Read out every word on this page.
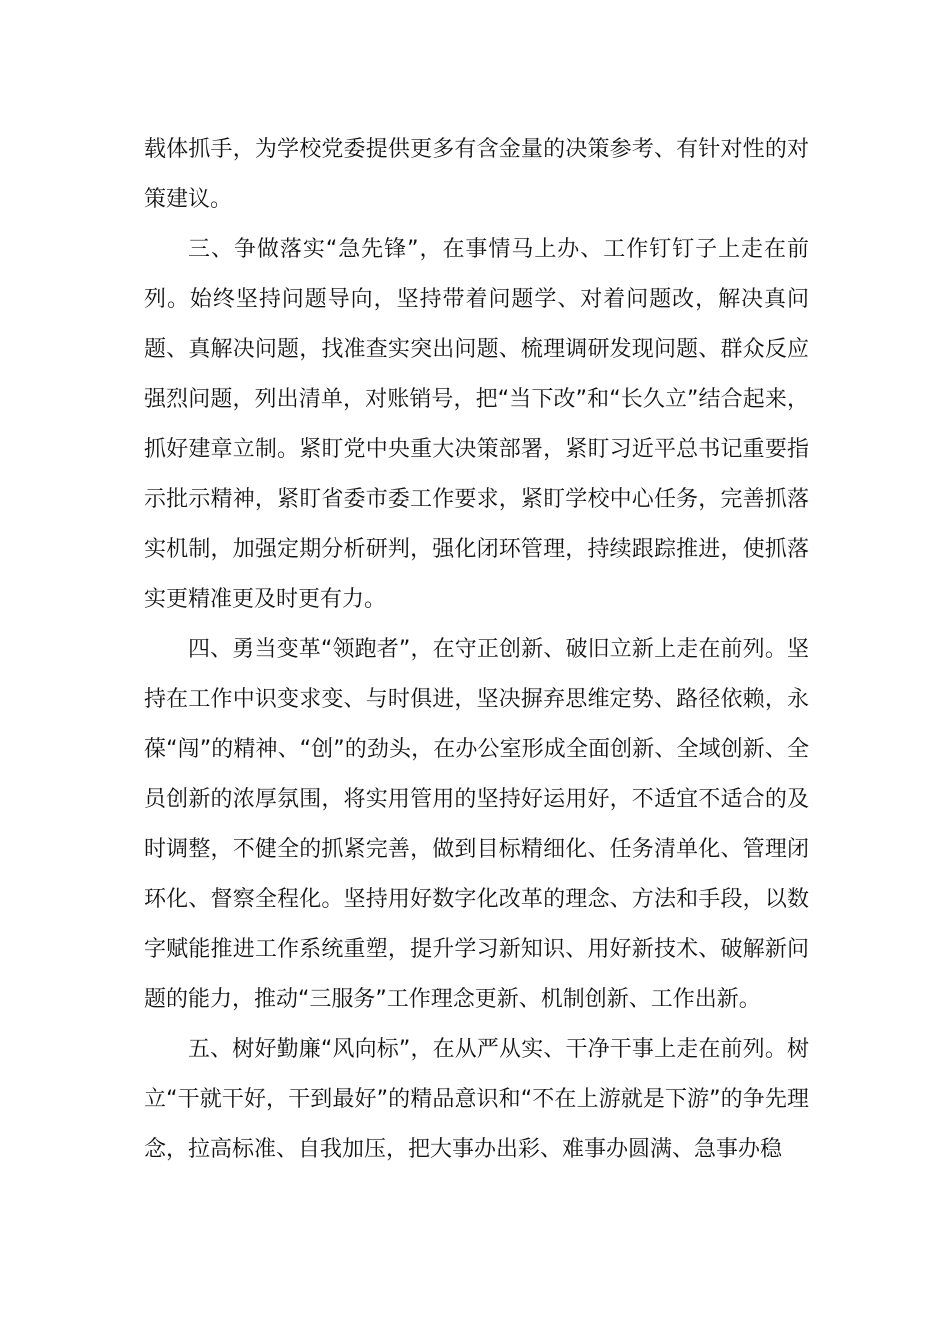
载体抓手，为学校党委提供更多有含金量的决策参考、有针对性的对策建议。

三、争做落实“急先锋”，在事情马上办、工作钉钉子上走在前列。始终坚持问题导向，坚持带着问题学、对着问题改，解决真问题、真解决问题，找准查实突出问题、梳理调研发现问题、群众反应强烈问题，列出清单，对账销号，把“当下改”和“长久立”结合起来，抓好建章立制。紧盯党中央重大决策部署，紧盯习近平总书记重要指示批示精神，紧盯省委市委工作要求，紧盯学校中心任务，完善抓落实机制，加强定期分析研判，强化闭环管理，持续跟踪推进，使抓落实更精准更及时更有力。

四、勇当变革“领跑者”，在守正创新、破旧立新上走在前列。坚持在工作中识变求变、与时俱进，坚决摒弃思维定势、路径依赖，永葆“闯”的精神、“创”的劲头，在办公室形成全面创新、全域创新、全员创新的浓厚氛围，将实用管用的坚持好运用好，不适宜不适合的及时调整，不健全的抓紧完善，做到目标精细化、任务清单化、管理闭环化、督察全程化。坚持用好数字化改革的理念、方法和手段，以数字赋能推进工作系统重塑，提升学习新知识、用好新技术、破解新问题的能力，推动“三服务”工作理念更新、机制创新、工作出新。

五、树好勤廉“风向标”，在从严从实、干净干事上走在前列。树立“干就干好，干到最好”的精品意识和“不在上游就是下游”的争先理念，拉高标准、自我加压，把大事办出彩、难事办圆满、急事办稳
